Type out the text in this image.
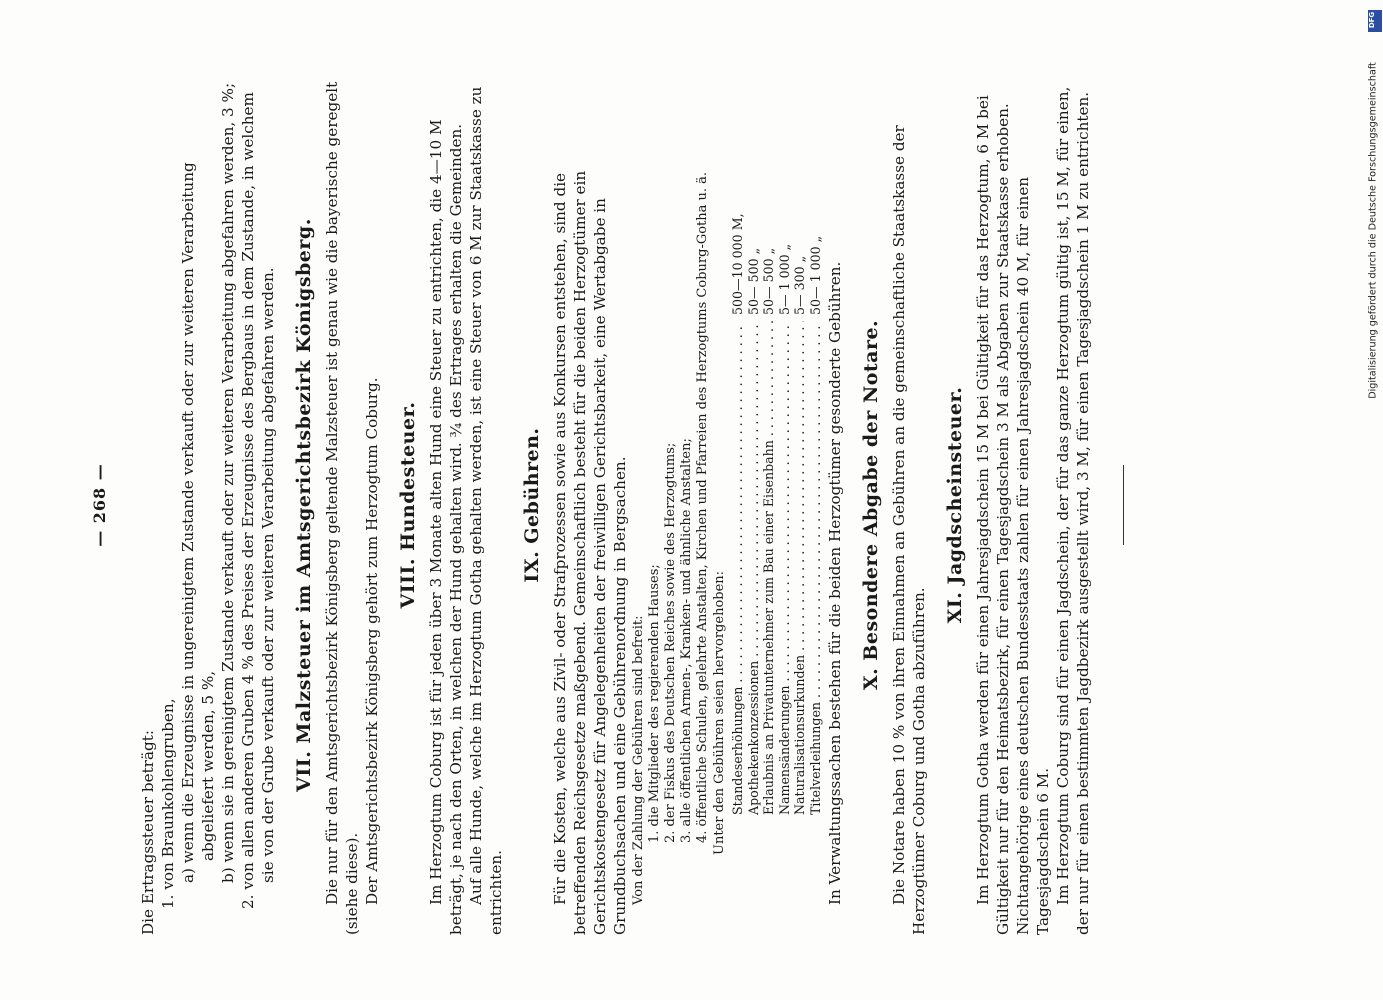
— 268 —

Die Ertragssteuer beträgt: 1. von Braunkohlengruben, a) wenn die Erzeugnisse in ungereinigtem Zustande verkauft oder zur weiteren Verarbeitung abgeliefert werden, 5 %, b) wenn sie in gereinigtem Zustande verkauft oder zur weiteren Verarbeitung abgefahren werden, 3 %; 2. von allen anderen Gruben 4 % des Preises der Erzeugnisse des Bergbaus in dem Zustande, in welchem sie von der Grube verkauft oder zur weiteren Verarbeitung abgefahren werden. VII. Malzsteuer im Amtsgerichtsbezirk Königsberg. Die nur für den Amtsgerichtsbezirk Königsberg geltende Malzsteuer ist genau wie die bayerische geregelt (siehe diese). Der Amtsgerichtsbezirk Königsberg gehört zum Herzogtum Coburg. VIII. Hundesteuer. Im Herzogtum Coburg ist für jeden über 3 Monate alten Hund eine Steuer zu entrichten, die 4—10 M beträgt, je nach den Orten, in welchen der Hund gehalten wird. ¾ des Ertrages erhalten die Gemeinden. Auf alle Hunde, welche im Herzogtum Gotha gehalten werden, ist eine Steuer von 6 M zur Staatskasse zu entrichten.

IX. Gebühren. Für die Kosten, welche aus Zivil- oder Strafprozessen sowie aus Konkursen entstehen, sind die betreffenden Reichsgesetze maßgebend. Gemeinschaftlich besteht für die beiden Herzogtümer ein Gerichtskostengesetz für Angelegenheiten der freiwilligen Gerichtsbarkeit, eine Wertabgabe in Grundbuchsachen und eine Gebührenordnung in Bergsachen. Von der Zahlung der Gebühren sind befreit: 1. die Mitglieder des regierenden Hauses; 2. der Fiskus des Deutschen Reiches sowie des Herzogtums; 3. alle öffentlichen Armen-, Kranken- und ähnliche Anstalten; 4. öffentliche Schulen, gelehrte Anstalten, Kirchen und Pfarreien des Herzogtums Coburg-Gotha u. ä. Unter den Gebühren seien hervorgehoben: Standeserhöhungen . . .
500—10 000 M,
Apothekenkonzessionen . . .
50— 500 „
Erlaubnis an Privatunternehmer zum Bau einer Eisenbahn . . .
50— 500 „
Namensänderungen . . .
5— 1 000 „
Naturalisationsurkunden . . .
5— 300 „
Titelverleihungen . . .
50— 1 000 „ In Verwaltungssachen bestehen für die beiden Herzogtümer gesonderte Gebühren. X. Besondere Abgabe der Notare. Die Notare haben 10 % von ihren Einnahmen an Gebühren an die gemeinschaftliche Staatskasse der Herzogtümer Coburg und Gotha abzuführen.

XI. Jagdscheinsteuer. Im Herzogtum Gotha werden für einen Jahresjagdschein 15 M bei Gültigkeit für das Herzogtum, 6 M bei Gültigkeit nur für den Heimatsbezirk, für einen Tagesjagdschein 3 M als Abgaben zur Staatskasse erhoben. Nichtangehörige eines deutschen Bundesstaats zahlen für einen Jahresjagdschein 40 M, für einen Tagesjagdschein 6 M. Im Herzogtum Coburg sind für einen Jagdschein, der für das ganze Herzogtum gültig ist, 15 M, für einen, der nur für einen bestimmten Jagdbezirk ausgestellt wird, 3 M, für einen Tagesjagdschein 1 M zu entrichten.

DFG
Digitalisierung gefördert durch die Deutsche Forschungsgemeinschaft
